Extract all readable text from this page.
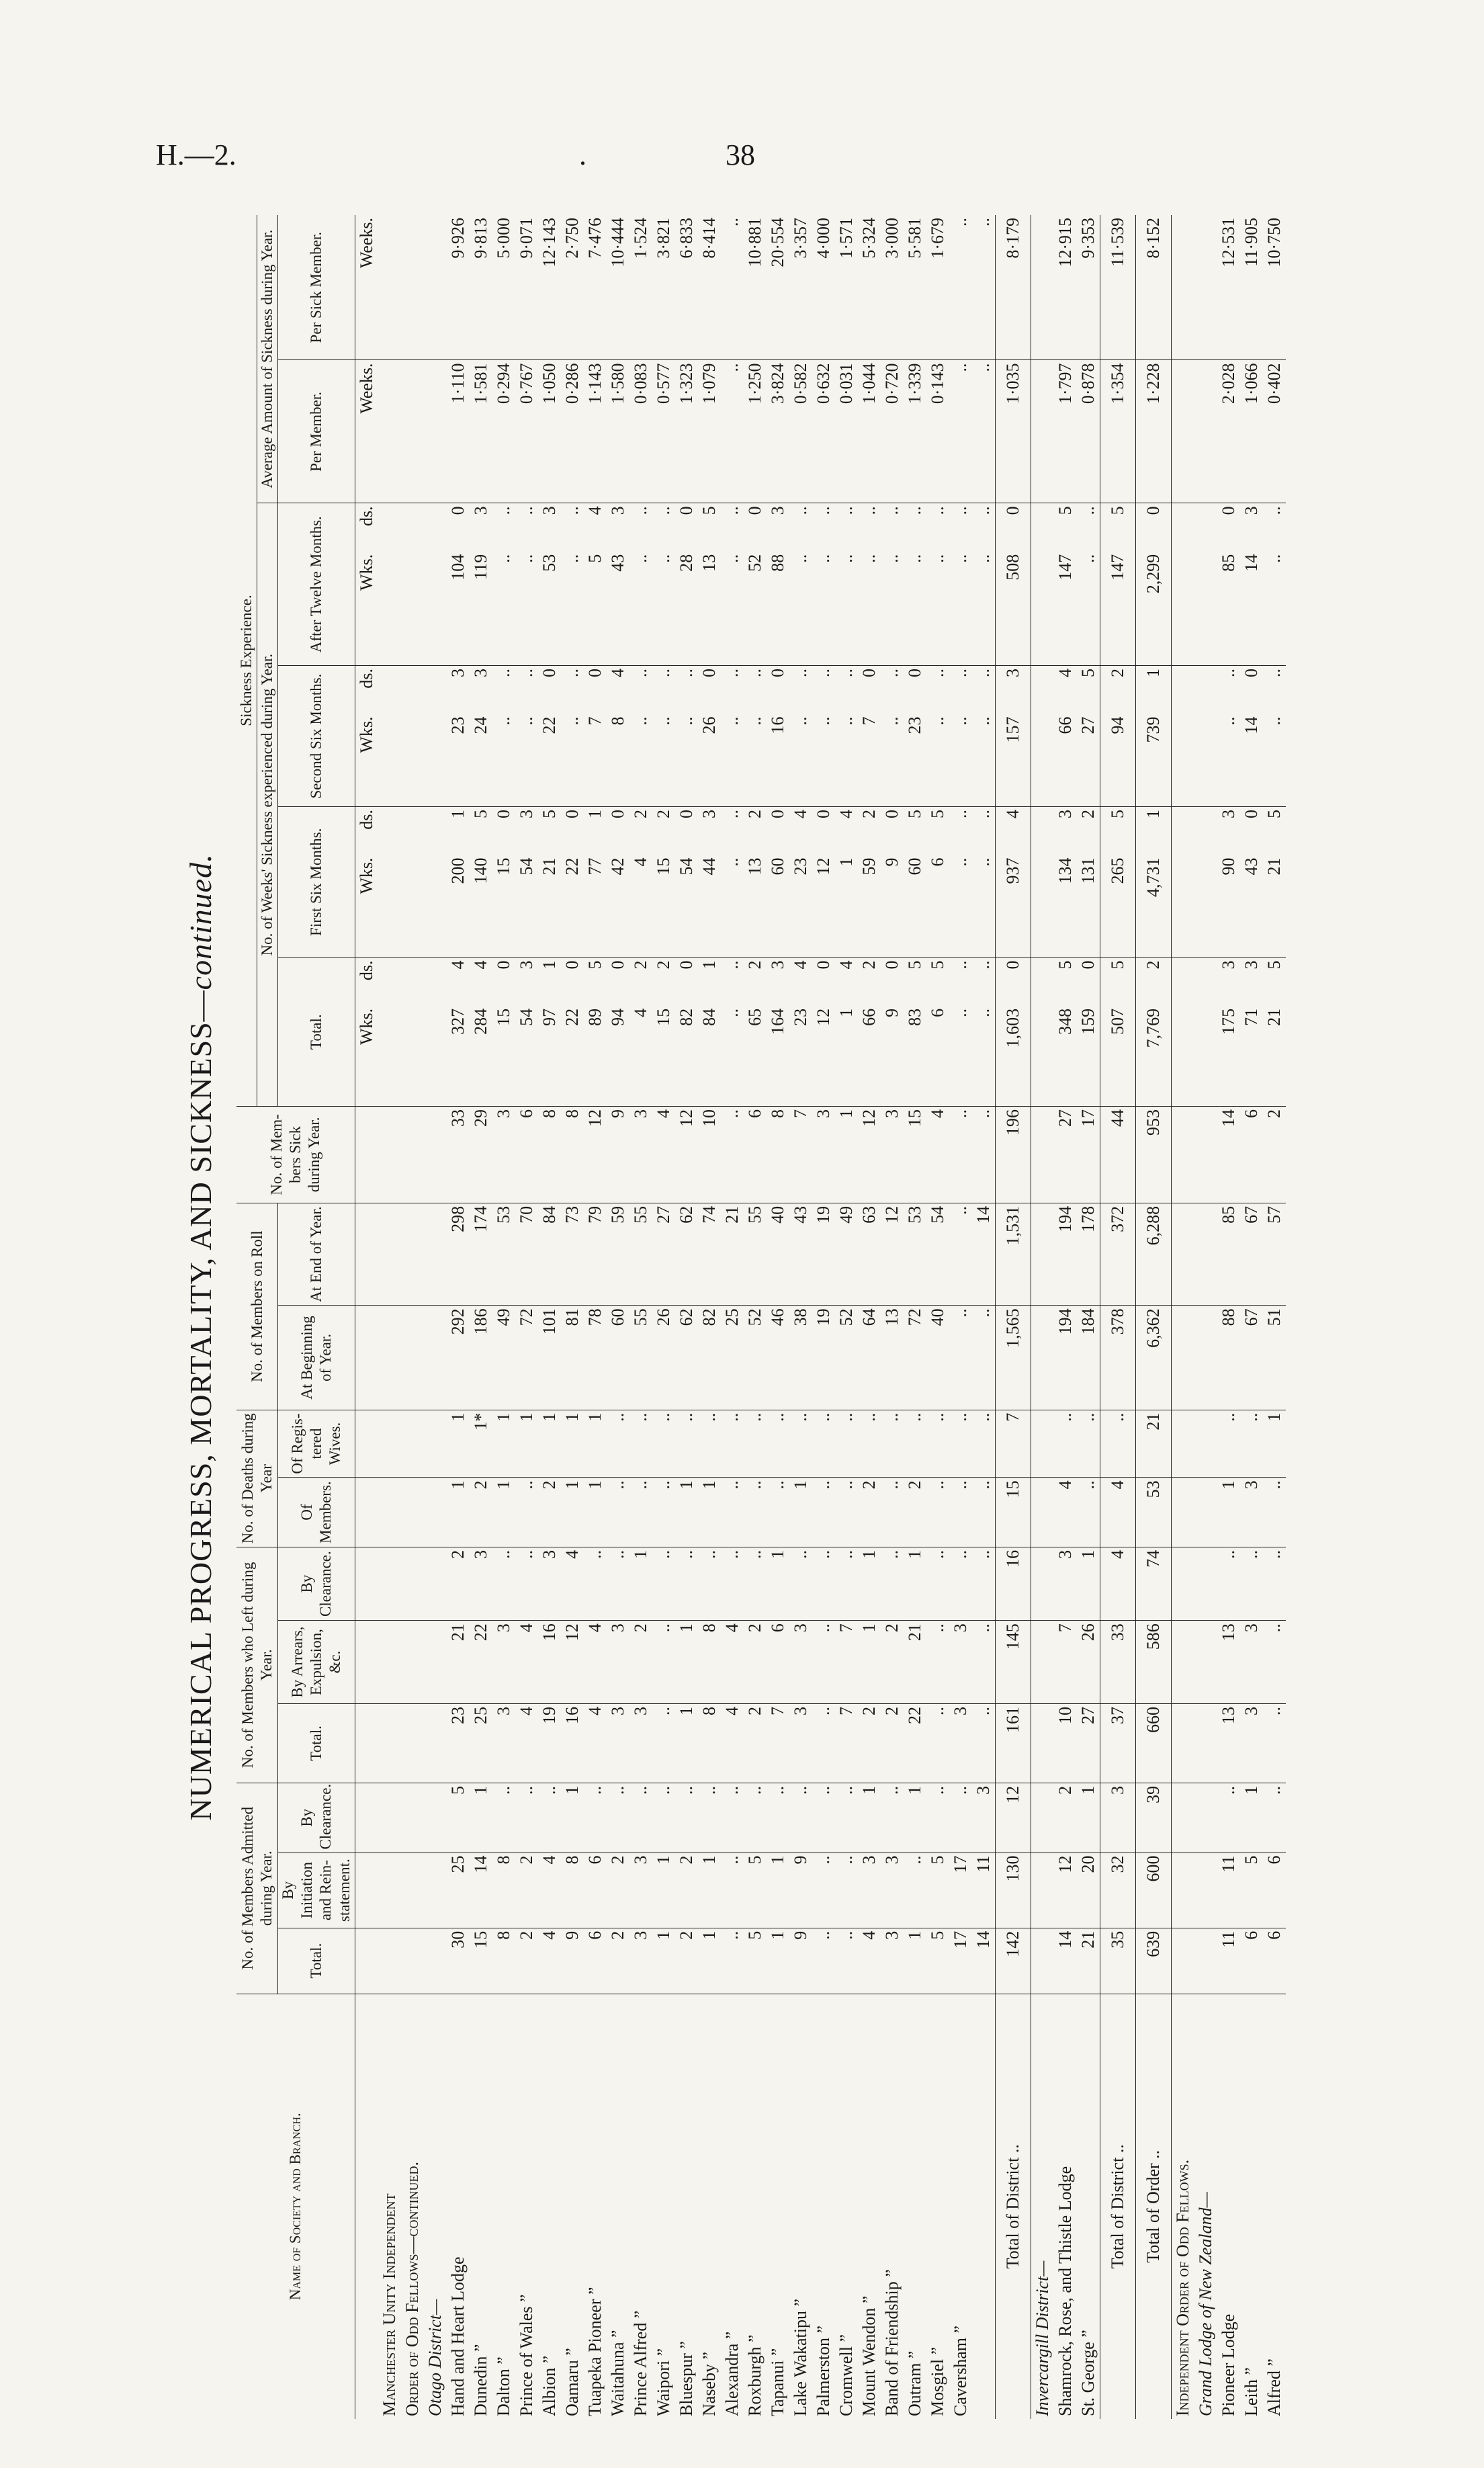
H.—2.	.	38
NUMERICAL PROGRESS, MORTALITY, AND SICKNESS—continued.
Name of Society and Branch.	No. of Members Admitted during Year.			No. of Members who Left during Year.			No. of Deaths during Year		No. of Members on Roll		No. of Mem-bers Sick during Year.	Sickness Experience.									
												No. of Weeks' Sickness experienced during Year.								Average Amount of Sickness during Year.	
	Total.	By Initiation and Rein-statement.	By Clearance.	Total.	By Arrears, Expulsion, &c.	By Clearance.	Of Members.	Of Regis-tered Wives.	At Beginning of Year.	At End of Year.		Total.		First Six Months.		Second Six Months.		After Twelve Months.			
																				Per Member.	Per Sick Member.
												Wks.	ds.	Wks.	ds.	Wks.	ds.	Wks.	ds.	Weeks.	Weeks.
Manchester Unity Independent																					
Order of Odd Fellows—continued.																					
Otago District—																					
Hand and Heart Lodge	30	25	5	23	21	2	1	1	292	298	33	327	4	200	1	23	3	104	0	1·110	9·926
Dunedin ”	15	14	1	25	22	3	2	1*	186	174	29	284	4	140	5	24	3	119	3	1·581	9·813
Dalton ”	8	8	..	3	3	..	1	1	49	53	3	15	0	15	0	..	..	..	..	0·294	5·000
Prince of Wales ”	2	2	..	4	4	..	..	1	72	70	6	54	3	54	3	..	..	..	..	0·767	9·071
Albion ”	4	4	..	19	16	3	2	1	101	84	8	97	1	21	5	22	0	53	3	1·050	12·143
Oamaru ”	9	8	1	16	12	4	1	1	81	73	8	22	0	22	0	..	..	..	..	0·286	2·750
Tuapeka Pioneer ”	6	6	..	4	4	..	1	1	78	79	12	89	5	77	1	7	0	5	4	1·143	7·476
Waitahuna ”	2	2	..	3	3	..	..	..	60	59	9	94	0	42	0	8	4	43	3	1·580	10·444
Prince Alfred ”	3	3	..	3	2	1	..	..	55	55	3	4	2	4	2	..	..	..	..	0·083	1·524
Waipori ”	1	1	..	..	..	..	..	..	26	27	4	15	2	15	2	..	..	..	..	0·577	3·821
Bluespur ”	2	2	..	1	1	..	1	..	62	62	12	82	0	54	0	..	..	28	0	1·323	6·833
Naseby ”	1	1	..	8	8	..	1	..	82	74	10	84	1	44	3	26	0	13	5	1·079	8·414
Alexandra ”	..	..	..	4	4	..	..	..	25	21	..	..	..	..	..	..	..	..	..	..	..
Roxburgh ”	5	5	..	2	2	..	..	..	52	55	6	65	2	13	2	..	..	52	0	1·250	10·881
Tapanui ”	1	1	..	7	6	1	..	..	46	40	8	164	3	60	0	16	0	88	3	3·824	20·554
Lake Wakatipu ”	9	9	..	3	3	..	1	..	38	43	7	23	4	23	4	..	..	..	..	0·582	3·357
Palmerston ”	..	..	..	..	..	..	..	..	19	19	3	12	0	12	0	..	..	..	..	0·632	4·000
Cromwell ”	..	..	..	7	7	..	..	..	52	49	1	1	4	1	4	..	..	..	..	0·031	1·571
Mount Wendon ”	4	3	1	2	1	1	2	..	64	63	12	66	2	59	2	7	0	..	..	1·044	5·324
Band of Friendship ”	3	3	..	2	2	..	..	..	13	12	3	9	0	9	0	..	..	..	..	0·720	3·000
Outram ”	1	..	1	22	21	1	2	..	72	53	15	83	5	60	5	23	0	..	..	1·339	5·581
Mosgiel ”	5	5	..	..	..	..	..	..	40	54	4	6	5	6	5	..	..	..	..	0·143	1·679
Caversham ”	17	17	..	3	3	..	..	..	..	..	..	..	..	..	..	..	..	..	..	..	..
	14	11	3	..	..	..	..	..	..	14	..	..	..	..	..	..	..	..	..	..	..
Total of District ..	142	130	12	161	145	16	15	7	1,565	1,531	196	1,603	0	937	4	157	3	508	0	1·035	8·179
Invercargill District—																					
Shamrock, Rose, and Thistle Lodge	14	12	2	10	7	3	4	..	194	194	27	348	5	134	3	66	4	147	5	1·797	12·915
St. George ”	21	20	1	27	26	1	..	..	184	178	17	159	0	131	2	27	5	..	..	0·878	9·353
Total of District ..	35	32	3	37	33	4	4	..	378	372	44	507	5	265	5	94	2	147	5	1·354	11·539
Total of Order ..	639	600	39	660	586	74	53	21	6,362	6,288	953	7,769	2	4,731	1	739	1	2,299	0	1·228	8·152
Independent Order of Odd Fellows.																					
Grand Lodge of New Zealand—																					
Pioneer Lodge	11	11	..	13	13	..	1	..	88	85	14	175	3	90	3	..	..	85	0	2·028	12·531
Leith ”	6	5	1	3	3	..	3	..	67	67	6	71	3	43	0	14	0	14	3	1·066	11·905
Alfred ”	6	6	..	..	..	..	..	1	51	57	2	21	5	21	5	..	..	..	..	0·402	10·750
